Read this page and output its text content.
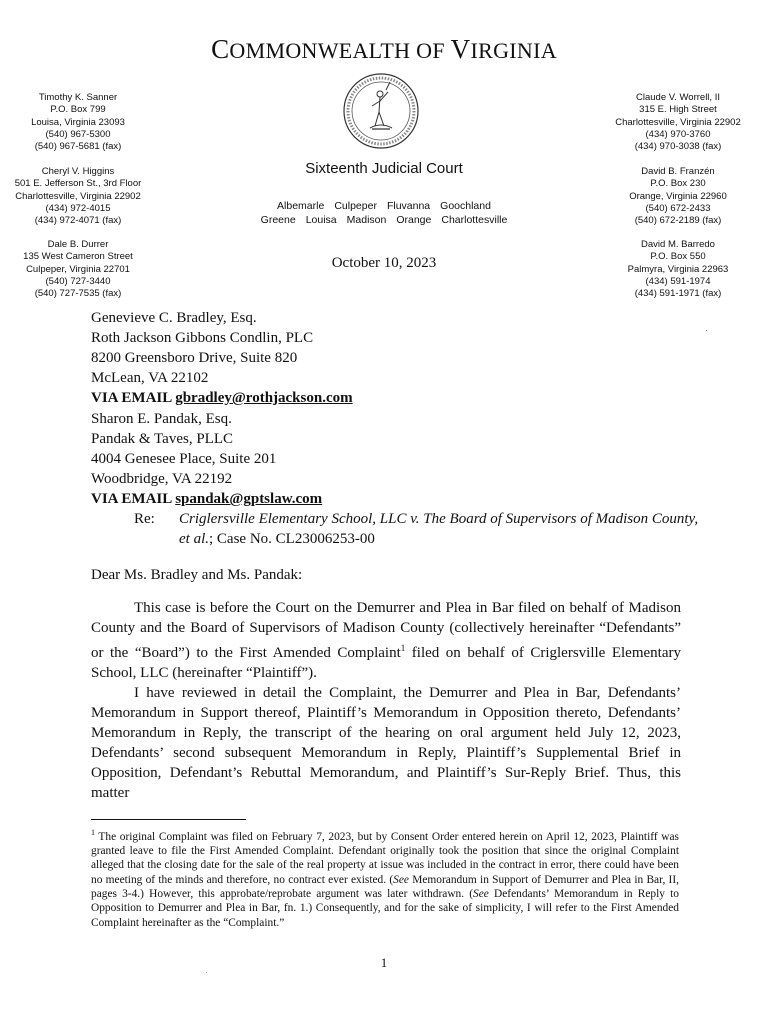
COMMONWEALTH OF VIRGINIA
Timothy K. Sanner
P.O. Box 799
Louisa, Virginia 23093
(540) 967-5300
(540) 967-5681 (fax)
Cheryl V. Higgins
501 E. Jefferson St., 3rd Floor
Charlottesville, Virginia 22902
(434) 972-4015
(434) 972-4071 (fax)
Dale B. Durrer
135 West Cameron Street
Culpeper, Virginia 22701
(540) 727-3440
(540) 727-7535 (fax)
Claude V. Worrell, II
315 E. High Street
Charlottesville, Virginia 22902
(434) 970-3760
(434) 970-3038 (fax)
David B. Franzén
P.O. Box 230
Orange, Virginia 22960
(540) 672-2433
(540) 672-2189 (fax)
David M. Barredo
P.O. Box 550
Palmyra, Virginia 22963
(434) 591-1974
(434) 591-1971 (fax)
Sixteenth Judicial Court
Albemarle Culpeper Fluvanna Goochland
Greene Louisa Madison Orange Charlottesville
October 10, 2023
Genevieve C. Bradley, Esq.
Roth Jackson Gibbons Condlin, PLC
8200 Greensboro Drive, Suite 820
McLean, VA 22102
VIA EMAIL gbradley@rothjackson.com
Sharon E. Pandak, Esq.
Pandak & Taves, PLLC
4004 Genesee Place, Suite 201
Woodbridge, VA 22192
VIA EMAIL spandak@gptslaw.com
Re: Criglersville Elementary School, LLC v. The Board of Supervisors of Madison County, et al.; Case No. CL23006253-00
Dear Ms. Bradley and Ms. Pandak:
This case is before the Court on the Demurrer and Plea in Bar filed on behalf of Madison County and the Board of Supervisors of Madison County (collectively hereinafter “Defendants” or the “Board”) to the First Amended Complaint$^1$ filed on behalf of Criglersville Elementary School, LLC (hereinafter “Plaintiff”).
I have reviewed in detail the Complaint, the Demurrer and Plea in Bar, Defendants’ Memorandum in Support thereof, Plaintiff’s Memorandum in Opposition thereto, Defendants’ Memorandum in Reply, the transcript of the hearing on oral argument held July 12, 2023, Defendants’ second subsequent Memorandum in Reply, Plaintiff’s Supplemental Brief in Opposition, Defendant’s Rebuttal Memorandum, and Plaintiff’s Sur-Reply Brief. Thus, this matter
$^1$ The original Complaint was filed on February 7, 2023, but by Consent Order entered herein on April 12, 2023, Plaintiff was granted leave to file the First Amended Complaint. Defendant originally took the position that since the original Complaint alleged that the closing date for the sale of the real property at issue was included in the contract in error, there could have been no meeting of the minds and therefore, no contract ever existed. (See Memorandum in Support of Demurrer and Plea in Bar, II, pages 3-4.) However, this approbate/reprobate argument was later withdrawn. (See Defendants’ Memorandum in Reply to Opposition to Demurrer and Plea in Bar, fn. 1.) Consequently, and for the sake of simplicity, I will refer to the First Amended Complaint hereinafter as the “Complaint.”
1
